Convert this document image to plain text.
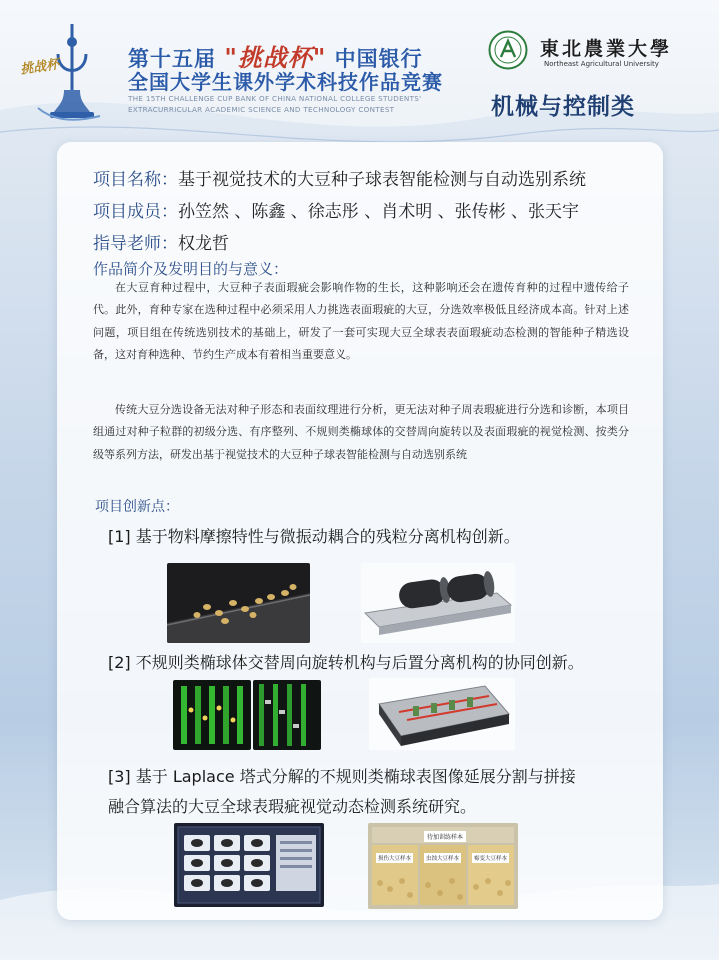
挑战杯	第十五届 "挑战杯" 中国银行
全国大学生课外学术科技作品竞赛
THE 15TH CHALLENGE CUP BANK OF CHINA NATIONAL COLLEGE STUDENTS'
EXTRACURRICULAR ACADEMIC SCIENCE AND TECHNOLOGY CONTEST
東北農業大學
Northeast Agricultural University
机械与控制类
项目名称：基于视觉技术的大豆种子球表智能检测与自动选别系统
项目成员：孙笠然 、陈鑫 、徐志彤 、肖术明 、张传彬 、张天宇
指导老师：权龙哲
作品简介及发明目的与意义：

在大豆育种过程中，大豆种子表面瑕疵会影响作物的生长，这种影响还会在遗传育种的过程中遗传给子代。此外，育种专家在选种过程中必须采用人力挑选表面瑕疵的大豆，分选效率极低且经济成本高。针对上述问题，项目组在传统选别技术的基础上，研发了一套可实现大豆全球表表面瑕疵动态检测的智能种子精选设备，这对育种选种、节约生产成本有着相当重要意义。

传统大豆分选设备无法对种子形态和表面纹理进行分析，更无法对种子周表瑕疵进行分选和诊断，本项目组通过对种子粒群的初级分选、有序整列、不规则类椭球体的交替周向旋转以及表面瑕疵的视觉检测、按类分级等系列方法，研发出基于视觉技术的大豆种子球表智能检测与自动选别系统

项目创新点：
[1] 基于物料摩擦特性与微振动耦合的残粒分离机构创新。
[2] 不规则类椭球体交替周向旋转机构与后置分离机构的协同创新。
[3] 基于 Laplace 塔式分解的不规则类椭球表图像延展分割与拼接
融合算法的大豆全球表瑕疵视觉动态检测系统研究。
待加训练样本
损伤大豆样本	虫蚀大豆样本	霉变大豆样本
